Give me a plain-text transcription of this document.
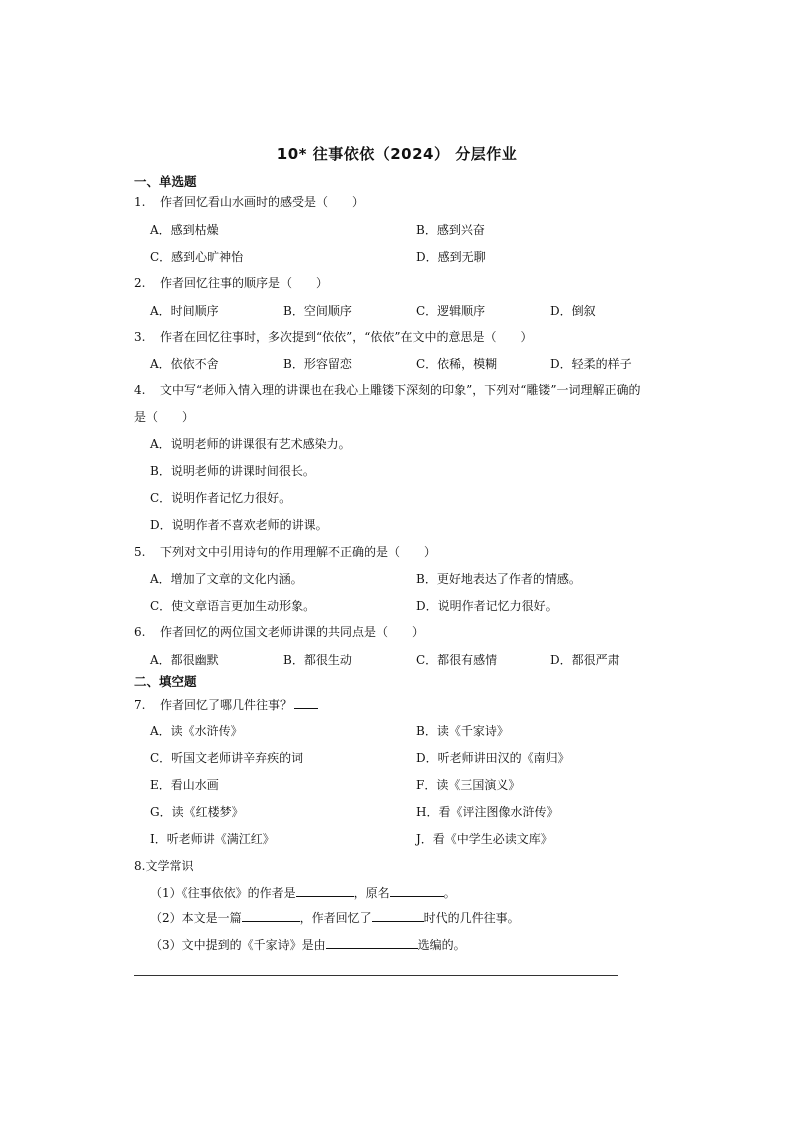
10* 往事依依（2024） 分层作业
一、单选题
1. 作者回忆看山水画时的感受是（　　）
A．感到枯燥	B．感到兴奋
C．感到心旷神怡	D．感到无聊
2. 作者回忆往事的顺序是（　　）
A．时间顺序	B．空间顺序	C．逻辑顺序	D．倒叙
3. 作者在回忆往事时，多次提到“依依”，“依依”在文中的意思是（　　）
A．依依不舍	B．形容留恋	C．依稀，模糊	D．轻柔的样子
4. 文中写“老师入情入理的讲课也在我心上雕镂下深刻的印象”，下列对“雕镂”一词理解正确的
是（　　）
A．说明老师的讲课很有艺术感染力。
B．说明老师的讲课时间很长。
C．说明作者记忆力很好。
D．说明作者不喜欢老师的讲课。
5. 下列对文中引用诗句的作用理解不正确的是（　　）
A．增加了文章的文化内涵。	B．更好地表达了作者的情感。
C．使文章语言更加生动形象。	D．说明作者记忆力很好。
6. 作者回忆的两位国文老师讲课的共同点是（　　）
A．都很幽默	B．都很生动	C．都很有感情	D．都很严肃
二、填空题
7. 作者回忆了哪几件往事？
A．读《水浒传》	B．读《千家诗》
C．听国文老师讲辛弃疾的词	D．听老师讲田汉的《南归》
E．看山水画	F．读《三国演义》
G．读《红楼梦》	H．看《评注图像水浒传》
I．听老师讲《满江红》	J．看《中学生必读文库》
8.文学常识
（1）《往事依依》的作者是	，原名	。
（2）本文是一篇	，作者回忆了	时代的几件往事。
（3）文中提到的《千家诗》是由	选编的。
